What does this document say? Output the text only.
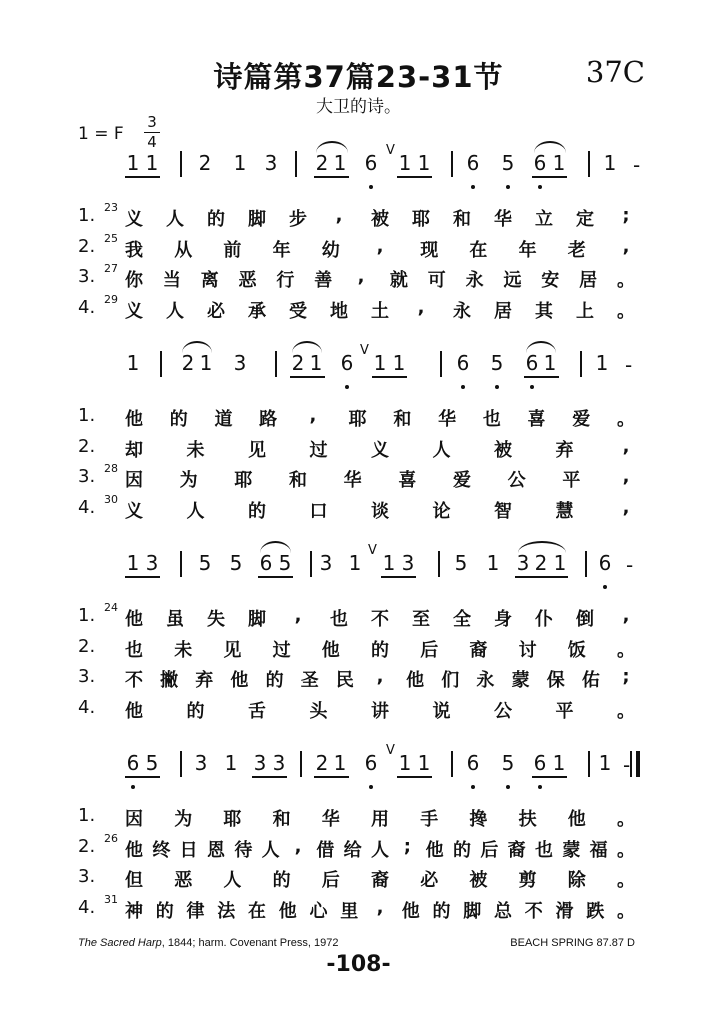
诗篇第37篇23-31节	37C
大卫的诗。
1 = F
3
4
1 1 2 1 3 2 1 6 1 1 6 5 6 1 1 -
V
1 2 1 3 2 1 6 1 1	6 5 6 1 1 -
V
1 3 5 5 6 5 3 1 1 3 5 1 3 2 1 6 -
V
6 5 3 1 3 3 2 1 6 1 1 6 5 6 1 1 -
V
1. 23
义 人 的 脚 步 , 被 耶 和 华 立 定 ;
2. 25
我 从 前 年 幼 , 现 在 年 老 ,
3. 27
你 当 离 恶 行 善 , 就 可 永 远 安 居 。
4. 29
义 人 必 承 受 地 土 , 永 居 其 上 。
1. 他 的 道 路 , 耶 和 华 也 喜 爱 。
2. 却 未 见 过 义 人 被 弃	,
3. 28
因 为 耶 和 华 喜 爱 公 平 ,
4. 30
义 人 的 口 谈 论 智 慧	,
1. 24
他 虽 失 脚 , 也 不 至 全 身 仆 倒 ,
2. 也 未 见 过 他 的 后 裔 讨 饭 。
3. 不 撇 弃 他 的 圣 民 , 他 们 永 蒙 保 佑 ;
4. 他 的 舌 头 讲 说 公 平 。
1. 因 为 耶 和 华 用 手 搀 扶 他 。
2. 26
他 终 日 恩 待 人 , 借 给 人 ; 他 的 后 裔 也 蒙 福 。
3. 但 恶 人 的 后 裔 必 被 剪 除 。
4. 31
神 的 律 法 在 他 心 里 , 他 的 脚 总 不 滑 跌 。
The Sacred Harp, 1844; harm. Covenant Press, 1972	BEACH SPRING 87.87 D
-108-
